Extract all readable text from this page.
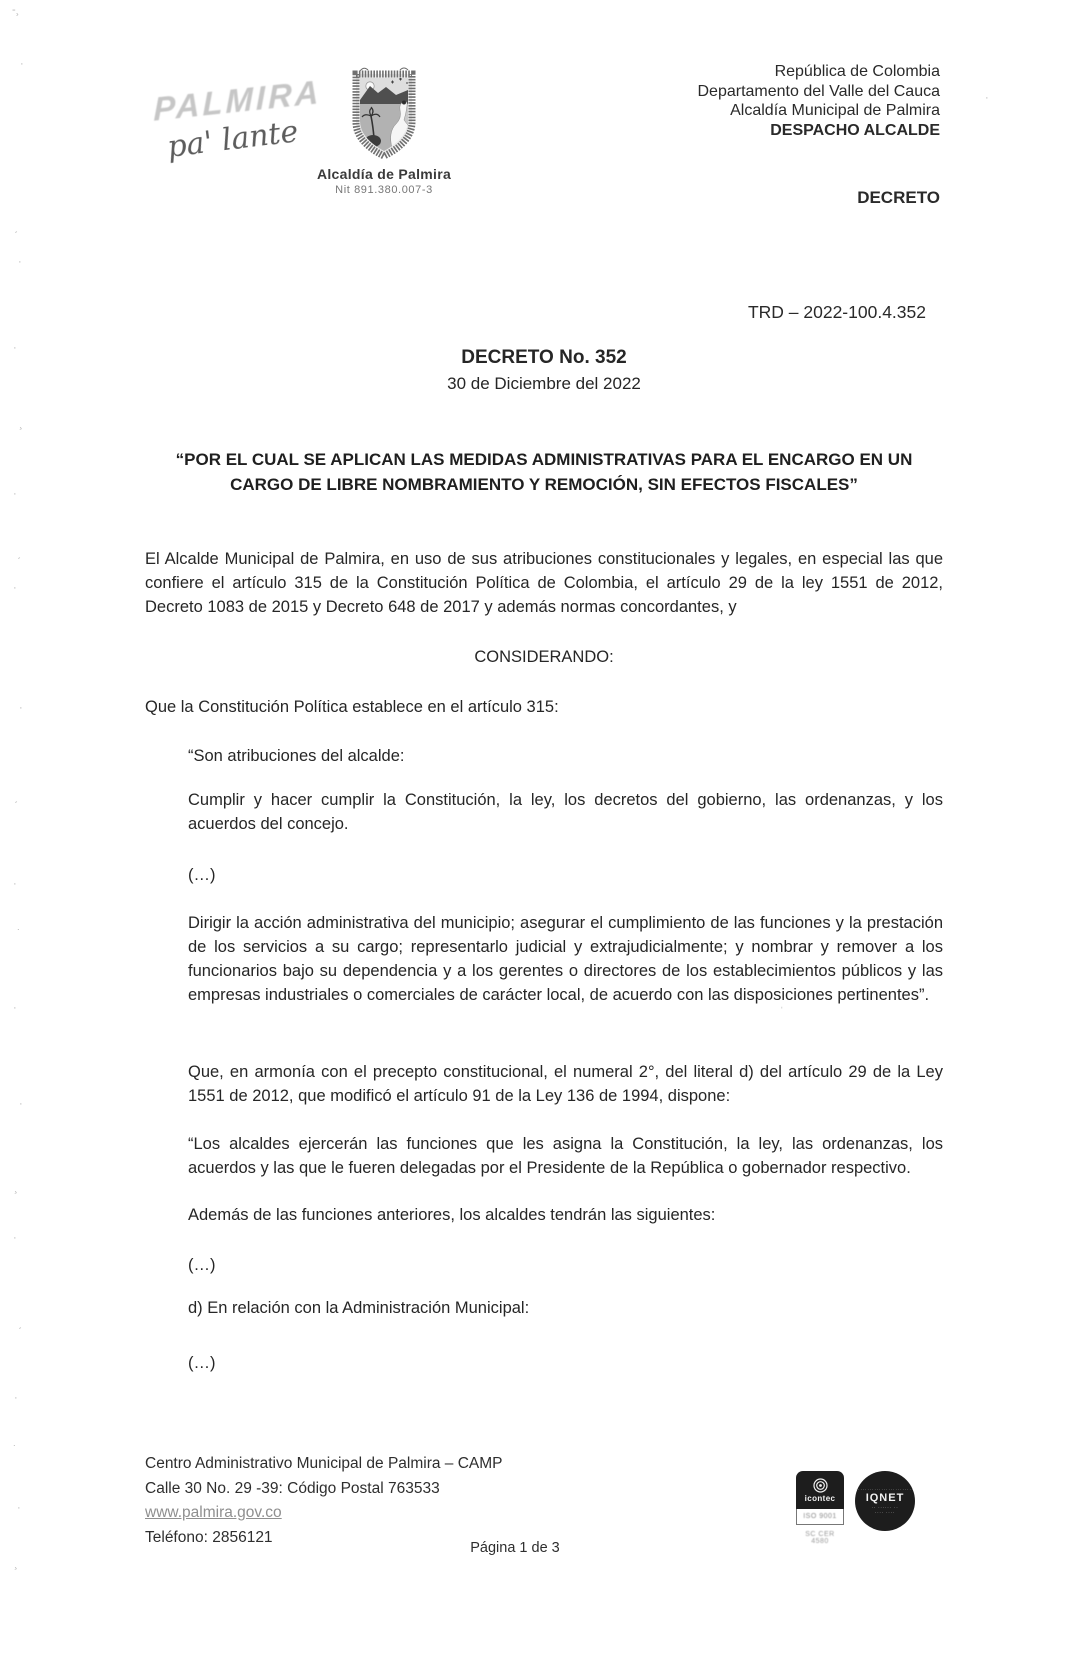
-¸
·
ˏ
·
·
¸
·
ˏ
·
·
ˏ
·
˙
·
·
¸
·
ˏ
·
˙
·
¸
·
ˈ
PALMIRA
pa' lante
Alcaldía de Palmira
Nit 891.380.007-3
República de Colombia
Departamento del Valle del Cauca
Alcaldía Municipal de Palmira
DESPACHO ALCALDE
DECRETO
TRD – 2022-100.4.352
DECRETO No. 352
30 de Diciembre del 2022
“POR EL CUAL SE APLICAN LAS MEDIDAS ADMINISTRATIVAS PARA EL ENCARGO EN UN
CARGO DE LIBRE NOMBRAMIENTO Y REMOCIÓN, SIN EFECTOS FISCALES”
El Alcalde Municipal de Palmira, en uso de sus atribuciones constitucionales y legales, en especial las que confiere el artículo 315 de la Constitución Política de Colombia, el artículo 29 de la ley 1551 de 2012, Decreto 1083 de 2015 y Decreto 648 de 2017 y además normas concordantes, y
CONSIDERANDO:
Que la Constitución Política establece en el artículo 315:
“Son atribuciones del alcalde:
Cumplir y hacer cumplir la Constitución, la ley, los decretos del gobierno, las ordenanzas, y los acuerdos del concejo.
(…)
Dirigir la acción administrativa del municipio; asegurar el cumplimiento de las funciones y la prestación de los servicios a su cargo; representarlo judicial y extrajudicialmente; y nombrar y remover a los funcionarios bajo su dependencia y a los gerentes o directores de los establecimientos públicos y las empresas industriales o comerciales de carácter local, de acuerdo con las disposiciones pertinentes”.
Que, en armonía con el precepto constitucional, el numeral 2°, del literal d) del artículo 29 de la Ley 1551 de 2012, que modificó el artículo 91 de la Ley 136 de 1994, dispone:
“Los alcaldes ejercerán las funciones que les asigna la Constitución, la ley, las ordenanzas, los acuerdos y las que le fueren delegadas por el Presidente de la República o gobernador respectivo.
Además de las funciones anteriores, los alcaldes tendrán las siguientes:
(…)
d) En relación con la Administración Municipal:
(…)
Centro Administrativo Municipal de Palmira – CAMP
Calle 30 No. 29 -39: Código Postal 763533
www.palmira.gov.co
Teléfono: 2856121
Página 1 de 3
icontec
ISO 9001
SC CER 4580
·························
IQNET
·· ······ ··
···· ····
